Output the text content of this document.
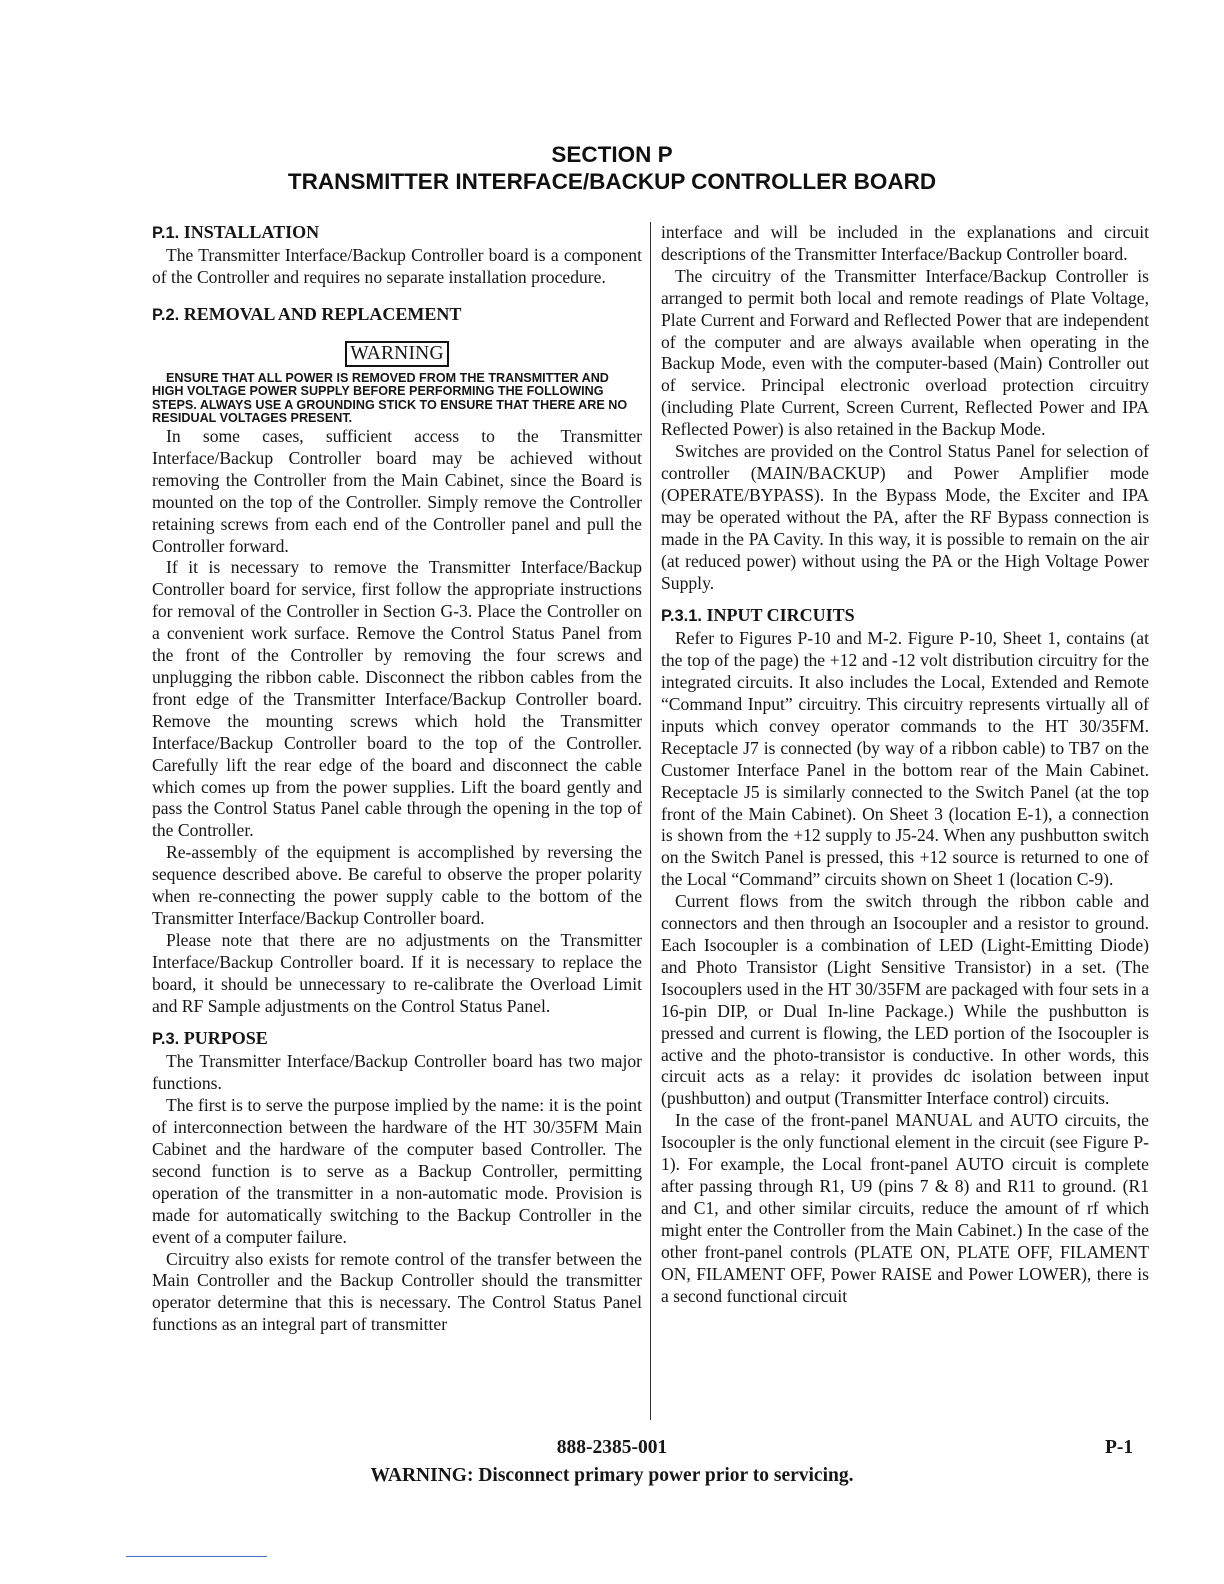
SECTION P
TRANSMITTER INTERFACE/BACKUP CONTROLLER BOARD
P.1. INSTALLATION

The Transmitter Interface/Backup Controller board is a component of the Controller and requires no separate installation procedure.

P.2. REMOVAL AND REPLACEMENT
WARNING

ENSURE THAT ALL POWER IS REMOVED FROM THE TRANSMITTER AND HIGH VOLTAGE POWER SUPPLY BEFORE PERFORMING THE FOLLOWING STEPS. ALWAYS USE A GROUNDING STICK TO ENSURE THAT THERE ARE NO RESIDUAL VOLTAGES PRESENT.

In some cases, sufficient access to the Transmitter Interface/Backup Controller board may be achieved without removing the Controller from the Main Cabinet, since the Board is mounted on the top of the Controller. Simply remove the Controller retaining screws from each end of the Controller panel and pull the Controller forward.

If it is necessary to remove the Transmitter Interface/Backup Controller board for service, first follow the appropriate instructions for removal of the Controller in Section G-3. Place the Controller on a convenient work surface. Remove the Control Status Panel from the front of the Controller by removing the four screws and unplugging the ribbon cable. Disconnect the ribbon cables from the front edge of the Transmitter Interface/Backup Controller board. Remove the mounting screws which hold the Transmitter Interface/Backup Controller board to the top of the Controller. Carefully lift the rear edge of the board and disconnect the cable which comes up from the power supplies. Lift the board gently and pass the Control Status Panel cable through the opening in the top of the Controller.

Re-assembly of the equipment is accomplished by reversing the sequence described above. Be careful to observe the proper polarity when re-connecting the power supply cable to the bottom of the Transmitter Interface/Backup Controller board.

Please note that there are no adjustments on the Transmitter Interface/Backup Controller board. If it is necessary to replace the board, it should be unnecessary to re-calibrate the Overload Limit and RF Sample adjustments on the Control Status Panel.

P.3. PURPOSE

The Transmitter Interface/Backup Controller board has two major functions.

The first is to serve the purpose implied by the name: it is the point of interconnection between the hardware of the HT 30/35FM Main Cabinet and the hardware of the computer based Controller. The second function is to serve as a Backup Controller, permitting operation of the transmitter in a non-automatic mode. Provision is made for automatically switching to the Backup Controller in the event of a computer failure.

Circuitry also exists for remote control of the transfer between the Main Controller and the Backup Controller should the transmitter operator determine that this is necessary. The Control Status Panel functions as an integral part of transmitter

interface and will be included in the explanations and circuit descriptions of the Transmitter Interface/Backup Controller board.

The circuitry of the Transmitter Interface/Backup Controller is arranged to permit both local and remote readings of Plate Voltage, Plate Current and Forward and Reflected Power that are independent of the computer and are always available when operating in the Backup Mode, even with the computer-based (Main) Controller out of service. Principal electronic overload protection circuitry (including Plate Current, Screen Current, Reflected Power and IPA Reflected Power) is also retained in the Backup Mode.

Switches are provided on the Control Status Panel for selection of controller (MAIN/BACKUP) and Power Amplifier mode (OPERATE/BYPASS). In the Bypass Mode, the Exciter and IPA may be operated without the PA, after the RF Bypass connection is made in the PA Cavity. In this way, it is possible to remain on the air (at reduced power) without using the PA or the High Voltage Power Supply.

P.3.1. INPUT CIRCUITS

Refer to Figures P-10 and M-2. Figure P-10, Sheet 1, contains (at the top of the page) the +12 and -12 volt distribution circuitry for the integrated circuits. It also includes the Local, Extended and Remote “Command Input” circuitry. This circuitry represents virtually all of inputs which convey operator commands to the HT 30/35FM. Receptacle J7 is connected (by way of a ribbon cable) to TB7 on the Customer Interface Panel in the bottom rear of the Main Cabinet. Receptacle J5 is similarly connected to the Switch Panel (at the top front of the Main Cabinet). On Sheet 3 (location E-1), a connection is shown from the +12 supply to J5-24. When any pushbutton switch on the Switch Panel is pressed, this +12 source is returned to one of the Local “Command” circuits shown on Sheet 1 (location C-9).

Current flows from the switch through the ribbon cable and connectors and then through an Isocoupler and a resistor to ground. Each Isocoupler is a combination of LED (Light-Emitting Diode) and Photo Transistor (Light Sensitive Transistor) in a set. (The Isocouplers used in the HT 30/35FM are packaged with four sets in a 16-pin DIP, or Dual In-line Package.) While the pushbutton is pressed and current is flowing, the LED portion of the Isocoupler is active and the photo-transistor is conductive. In other words, this circuit acts as a relay: it provides dc isolation between input (pushbutton) and output (Transmitter Interface control) circuits.

In the case of the front-panel MANUAL and AUTO circuits, the Isocoupler is the only functional element in the circuit (see Figure P-1). For example, the Local front-panel AUTO circuit is complete after passing through R1, U9 (pins 7 & 8) and R11 to ground. (R1 and C1, and other similar circuits, reduce the amount of rf which might enter the Controller from the Main Cabinet.) In the case of the other front-panel controls (PLATE ON, PLATE OFF, FILAMENT ON, FILAMENT OFF, Power RAISE and Power LOWER), there is a second functional circuit

888-2385-001	P-1
WARNING: Disconnect primary power prior to servicing.
